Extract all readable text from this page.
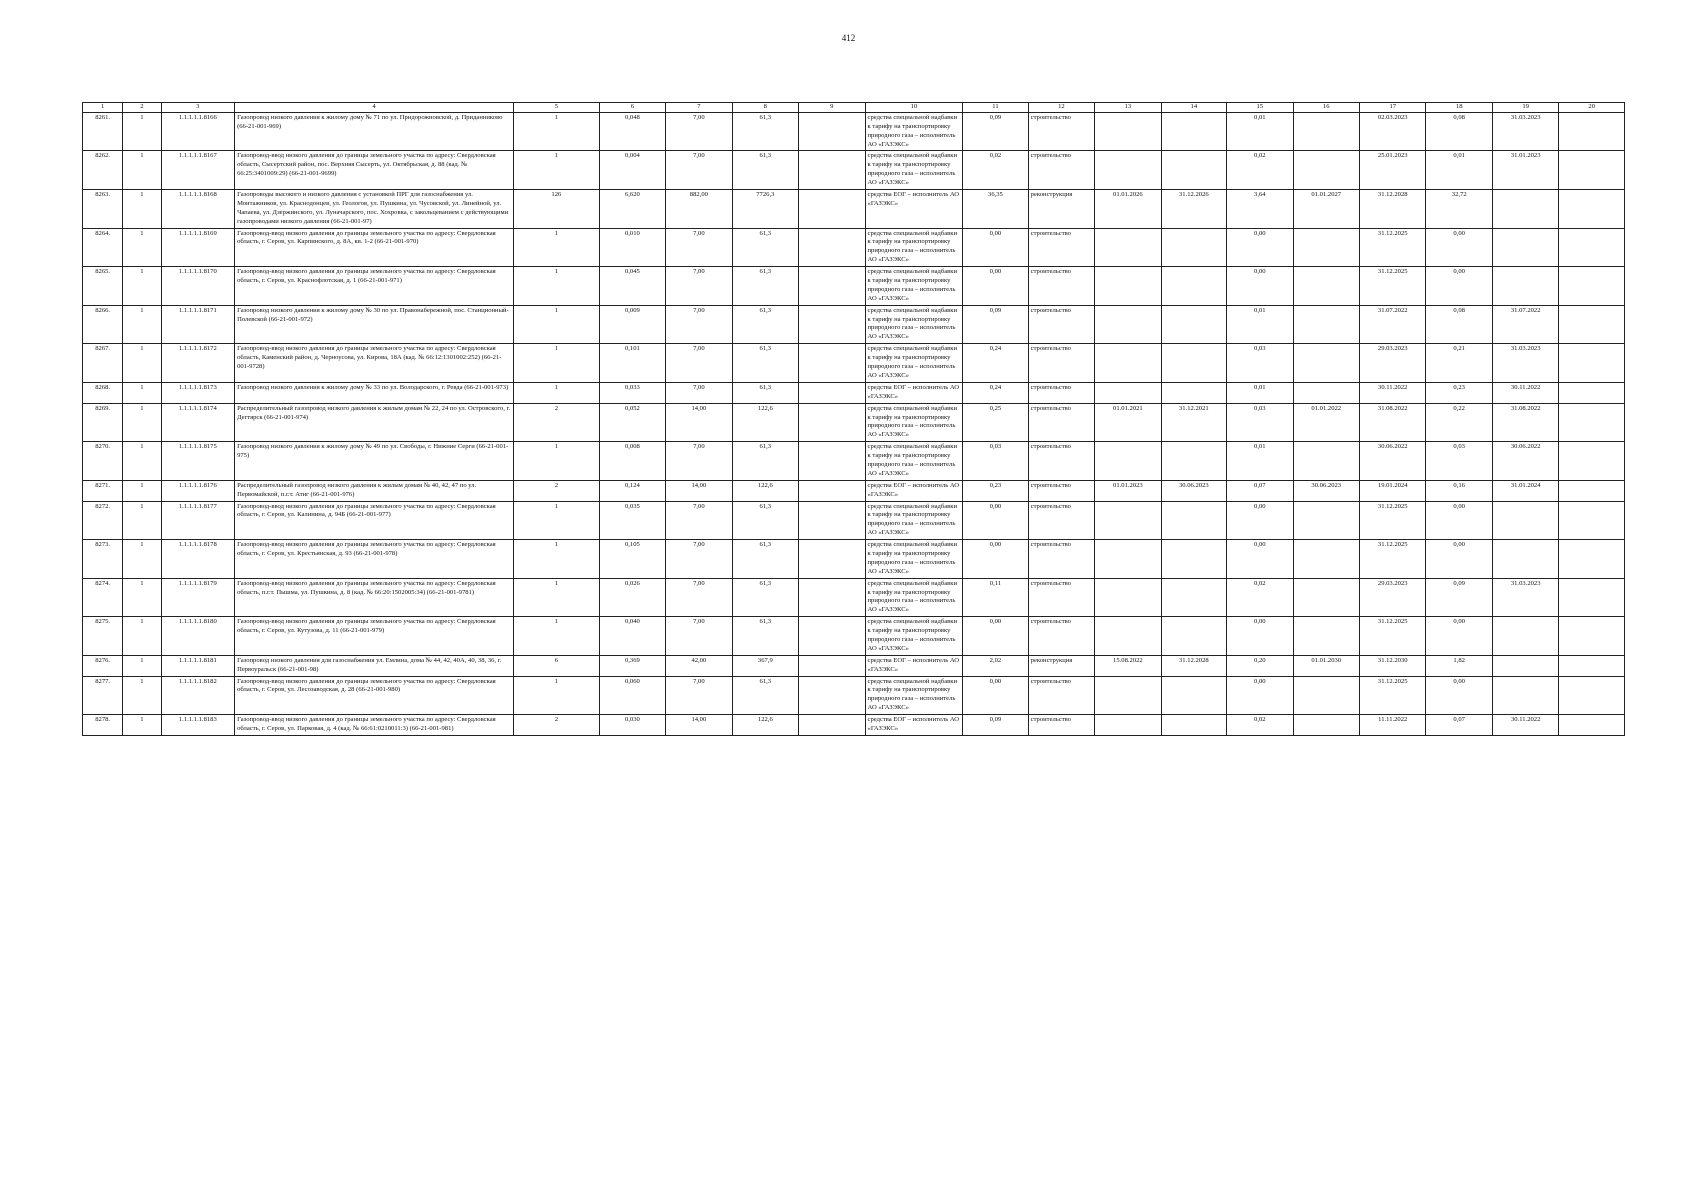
412
1	2	3	4	5	6	7	8	9	10	11	12	13	14	15	16	17	18	19	20
8261.	1	1.1.1.1.1.8166	Газопровод низкого давления к жилому дому № 71 по ул. Придорожновской, д. Приданниково (66-21-001-969)	1	0,048	7,00	61,3		средства специальной надбавки к тарифу на транспортировку природного газа – исполнитель АО «ГАЗЭКС»	0,09	строительство			0,01		02.03.2023	0,08	31.03.2023	
8262.	1	1.1.1.1.1.8167	Газопровод-ввод низкого давления до границы земельного участка по адресу: Свердловская область, Сысертский район, пос. Верхняя Сысерть, ул. Октябрьская, д. 88 (кад. № 66:25:3401009:29) (66-21-001-9699)	1	0,004	7,00	61,3		средства специальной надбавки к тарифу на транспортировку природного газа – исполнитель АО «ГАЗЭКС»	0,02	строительство			0,02		25.01.2023	0,01	31.01.2023	
8263.	1	1.1.1.1.1.8168	Газопроводы высокого и низкого давления с установкой ПРГ для газоснабжения ул. Монтажников, ул. Краснодонцев, ул. Геологов, ул. Пушкина, ул. Чусовской, ул. Линейной, ул. Чапаева, ул. Дзержинского, ул. Луначарского, пос. Хохровка, с закольцеванием с действующими газопроводами низкого давления (66-21-001-97)	126	6,620	882,00	7726,3		средства ЕОГ – исполнитель АО «ГАЗЭКС»	36,35	реконструкция	01.01.2026	31.12.2026	3,64	01.01.2027	31.12.2028	32,72		
8264.	1	1.1.1.1.1.8169	Газопровод-ввод низкого давления до границы земельного участка по адресу: Свердловская область, г. Серов, ул. Карпинского, д. 8А, кв. 1-2 (66-21-001-970)	1	0,010	7,00	61,3		средства специальной надбавки к тарифу на транспортировку природного газа – исполнитель АО «ГАЗЭКС»	0,00	строительство			0,00		31.12.2025	0,00		
8265.	1	1.1.1.1.1.8170	Газопровод-ввод низкого давления до границы земельного участка по адресу: Свердловская область, г. Серов, ул. Краснофлотская, д. 1 (66-21-001-971)	1	0,045	7,00	61,3		средства специальной надбавки к тарифу на транспортировку природного газа – исполнитель АО «ГАЗЭКС»	0,00	строительство			0,00		31.12.2025	0,00		
8266.	1	1.1.1.1.1.8171	Газопровод низкого давления к жилому дому № 30 по ул. Правонабережной, пос. Станционный-Полевской (66-21-001-972)	1	0,009	7,00	61,3		средства специальной надбавки к тарифу на транспортировку природного газа – исполнитель АО «ГАЗЭКС»	0,09	строительство			0,01		31.07.2022	0,08	31.07.2022	
8267.	1	1.1.1.1.1.8172	Газопровод-ввод низкого давления до границы земельного участка по адресу: Свердловская область, Каменский район, д. Черноусова, ул. Кирова, 18А (кад. № 66:12:1301002:252) (66-21-001-9728)	1	0,101	7,00	61,3		средства специальной надбавки к тарифу на транспортировку природного газа – исполнитель АО «ГАЗЭКС»	0,24	строительство			0,03		29.03.2023	0,21	31.03.2023	
8268.	1	1.1.1.1.1.8173	Газопровод низкого давления к жилому дому № 33 по ул. Володарского, г. Ревда (66-21-001-973)	1	0,033	7,00	61,3		средства ЕОГ – исполнитель АО «ГАЗЭКС»	0,24	строительство			0,01		30.11.2022	0,23	30.11.2022	
8269.	1	1.1.1.1.1.8174	Распределительный газопровод низкого давления к жилым домам № 22, 24 по ул. Островского, г. Дегтярск (66-21-001-974)	2	0,052	14,00	122,6		средства специальной надбавки к тарифу на транспортировку природного газа – исполнитель АО «ГАЗЭКС»	0,25	строительство	01.01.2021	31.12.2021	0,03	01.01.2022	31.08.2022	0,22	31.08.2022	
8270.	1	1.1.1.1.1.8175	Газопровод низкого давления к жилому дому № 49 по ул. Свободы, г. Нижние Серги (66-21-001-975)	1	0,008	7,00	61,3		средства специальной надбавки к тарифу на транспортировку природного газа – исполнитель АО «ГАЗЭКС»	0,03	строительство			0,01		30.06.2022	0,03	30.06.2022	
8271.	1	1.1.1.1.1.8176	Распределительный газопровод низкого давления к жилым домам № 40, 42, 47 по ул. Первомайской, п.г.т. Атиг (66-21-001-976)	2	0,124	14,00	122,6		средства ЕОГ – исполнитель АО «ГАЗЭКС»	0,23	строительство	01.01.2023	30.06.2023	0,07	30.06.2023	19.01.2024	0,16	31.01.2024	
8272.	1	1.1.1.1.1.8177	Газопровод-ввод низкого давления до границы земельного участка по адресу: Свердловская область, г. Серов, ул. Калинина, д. 94Б (66-21-001-977)	1	0,035	7,00	61,3		средства специальной надбавки к тарифу на транспортировку природного газа – исполнитель АО «ГАЗЭКС»	0,00	строительство			0,00		31.12.2025	0,00		
8273.	1	1.1.1.1.1.8178	Газопровод-ввод низкого давления до границы земельного участка по адресу: Свердловская область, г. Серов, ул. Крестьянская, д. 93 (66-21-001-978)	1	0,105	7,00	61,3		средства специальной надбавки к тарифу на транспортировку природного газа – исполнитель АО «ГАЗЭКС»	0,00	строительство			0,00		31.12.2025	0,00		
8274.	1	1.1.1.1.1.8179	Газопровод-ввод низкого давления до границы земельного участка по адресу: Свердловская область, п.г.т. Пышма, ул. Пушкина, д. 8 (кад. № 66:20:1502005:34) (66-21-001-9781)	1	0,026	7,00	61,3		средства специальной надбавки к тарифу на транспортировку природного газа – исполнитель АО «ГАЗЭКС»	0,11	строительство			0,02		29.03.2023	0,09	31.03.2023	
8275.	1	1.1.1.1.1.8180	Газопровод-ввод низкого давления до границы земельного участка по адресу: Свердловская область, г. Серов, ул. Кутузова, д. 11 (66-21-001-979)	1	0,040	7,00	61,3		средства специальной надбавки к тарифу на транспортировку природного газа – исполнитель АО «ГАЗЭКС»	0,00	строительство			0,00		31.12.2025	0,00		
8276.	1	1.1.1.1.1.8181	Газопровод низкого давления для газоснабжения ул. Емлина, дома № 44, 42, 40А, 40, 38, 36, г. Первоуральск (66-21-001-98)	6	0,369	42,00	367,9		средства ЕОГ – исполнитель АО «ГАЗЭКС»	2,02	реконструкция	15.08.2022	31.12.2028	0,20	01.01.2030	31.12.2030	1,82		
8277.	1	1.1.1.1.1.8182	Газопровод-ввод низкого давления до границы земельного участка по адресу: Свердловская область, г. Серов, ул. Лесозаводская, д. 28 (66-21-001-980)	1	0,060	7,00	61,3		средства специальной надбавки к тарифу на транспортировку природного газа – исполнитель АО «ГАЗЭКС»	0,00	строительство			0,00		31.12.2025	0,00		
8278.	1	1.1.1.1.1.8183	Газопровод-ввод низкого давления до границы земельного участка по адресу: Свердловская область, г. Серов, ул. Парковая, д. 4 (кад. № 66:61:0210011:3) (66-21-001-981)	2	0,030	14,00	122,6		средства ЕОГ – исполнитель АО «ГАЗЭКС»	0,09	строительство			0,02		11.11.2022	0,07	30.11.2022	
